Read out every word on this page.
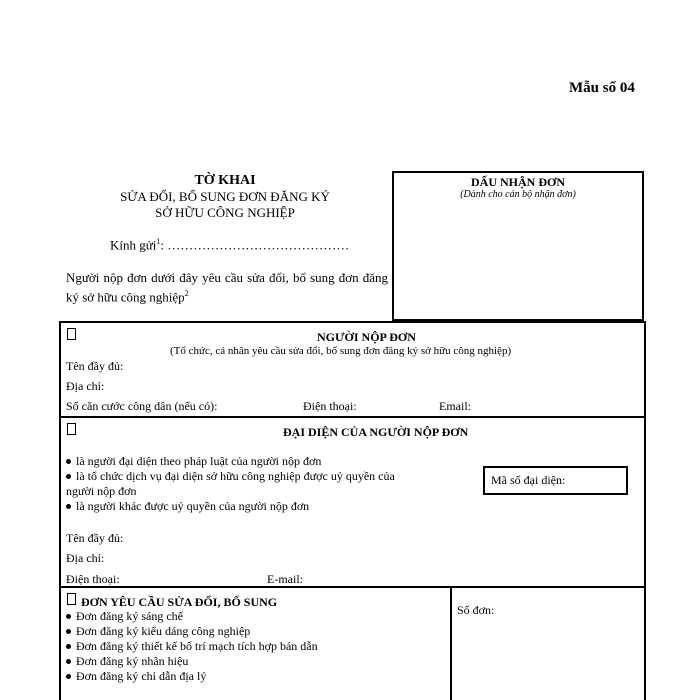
Mẫu số 04
TỜ KHAI
SỬA ĐỔI, BỔ SUNG ĐƠN ĐĂNG KÝ
SỞ HỮU CÔNG NGHIỆP
Kính gửi$^1$: ……………………………………
Người nộp đơn dưới đây yêu cầu sửa đổi, bổ sung đơn đăng ký sở hữu công nghiệp$^2$
DẤU NHẬN ĐƠN
(Dành cho cán bộ nhận đơn)
NGƯỜI NỘP ĐƠN
(Tổ chức, cá nhân yêu cầu sửa đổi, bổ sung đơn đăng ký sở hữu công nghiệp)
Tên đầy đủ:
Địa chỉ:
Số căn cước công dân (nếu có):	Điện thoại:	Email:
ĐẠI DIỆN CỦA NGƯỜI NỘP ĐƠN
là người đại diện theo pháp luật của người nộp đơn
là tổ chức dịch vụ đại diện sở hữu công nghiệp được uỷ quyền của
người nộp đơn
là người khác được uỷ quyền của người nộp đơn
Mã số đại diện:
Tên đầy đủ:
Địa chỉ:
Điện thoại:	E-mail:
ĐƠN YÊU CẦU SỬA ĐỔI, BỔ SUNG
Số đơn:
Đơn đăng ký sáng chế
Đơn đăng ký kiểu dáng công nghiệp
Đơn đăng ký thiết kế bố trí mạch tích hợp bán dẫn
Đơn đăng ký nhãn hiệu
Đơn đăng ký chỉ dẫn địa lý
